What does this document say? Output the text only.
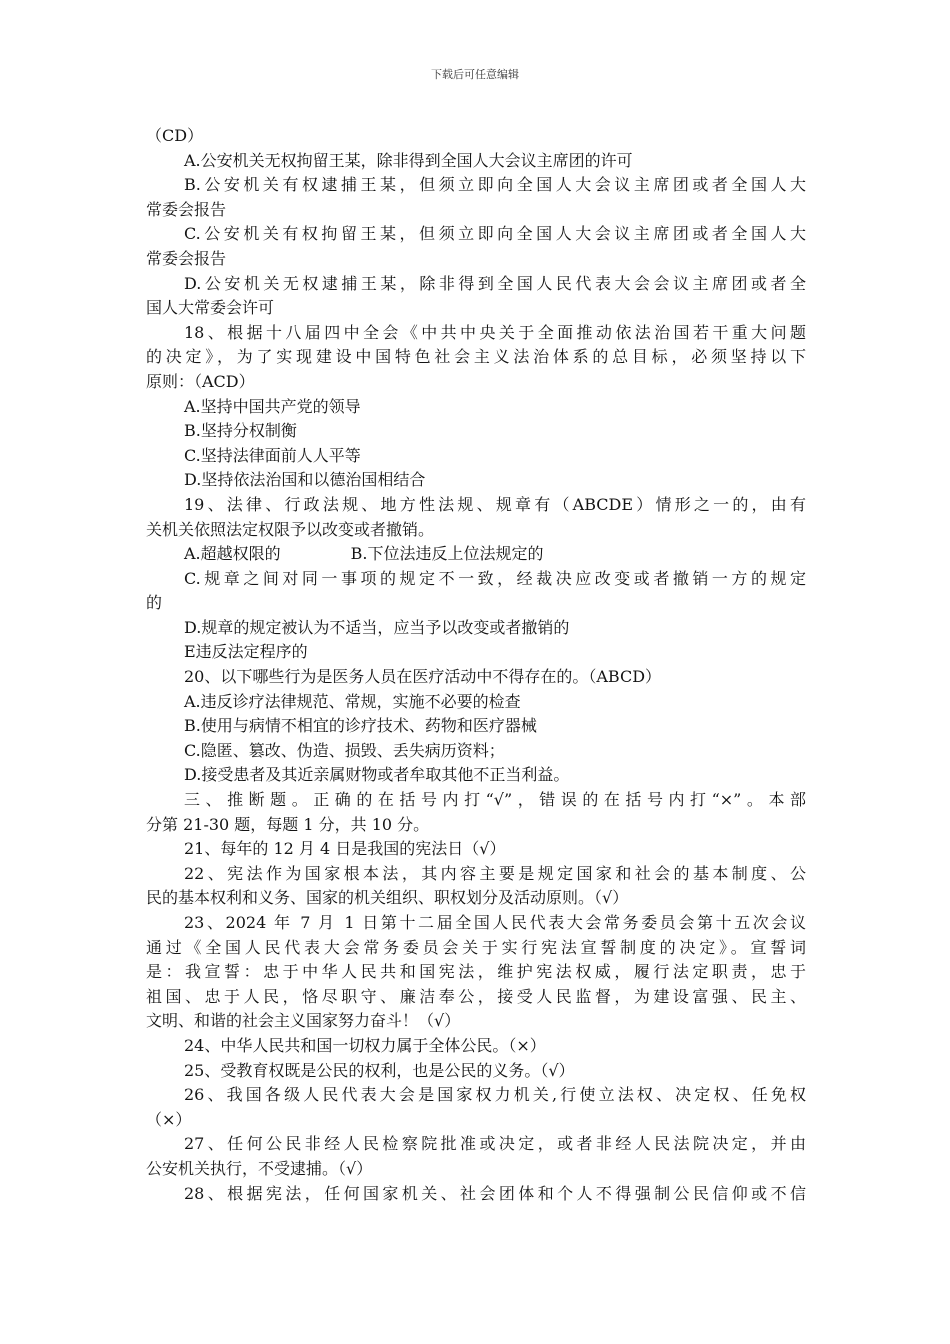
下载后可任意编辑
（CD）
A.公安机关无权拘留王某，除非得到全国人大会议主席团的许可
B.公安机关有权逮捕王某，但须立即向全国人大会议主席团或者全国人大
常委会报告
C.公安机关有权拘留王某，但须立即向全国人大会议主席团或者全国人大
常委会报告
D.公安机关无权逮捕王某，除非得到全国人民代表大会会议主席团或者全
国人大常委会许可
18、根据十八届四中全会《中共中央关于全面推动依法治国若干重大问题
的决定》，为了实现建设中国特色社会主义法治体系的总目标，必须坚持以下
原则：（ACD）
A.坚持中国共产党的领导
B.坚持分权制衡
C.坚持法律面前人人平等
D.坚持依法治国和以德治国相结合
19、法律、行政法规、地方性法规、规章有（ABCDE）情形之一的，由有
关机关依照法定权限予以改变或者撤销。
A.超越权限的	B.下位法违反上位法规定的
C.规章之间对同一事项的规定不一致，经裁决应改变或者撤销一方的规定
的
D.规章的规定被认为不适当，应当予以改变或者撤销的
E违反法定程序的
20、以下哪些行为是医务人员在医疗活动中不得存在的。（ABCD）
A.违反诊疗法律规范、常规，实施不必要的检查
B.使用与病情不相宜的诊疗技术、药物和医疗器械
C.隐匿、篡改、伪造、损毁、丢失病历资料；
D.接受患者及其近亲属财物或者牟取其他不正当利益。
三、推断题。正确的在括号内打“√”，错误的在括号内打“×”。本部
分第 21-30 题，每题 1 分，共 10 分。
21、每年的 12 月 4 日是我国的宪法日（√）
22、宪法作为国家根本法，其内容主要是规定国家和社会的基本制度、公
民的基本权利和义务、国家的机关组织、职权划分及活动原则。（√）
23、2024 年 7 月 1 日第十二届全国人民代表大会常务委员会第十五次会议
通过《全国人民代表大会常务委员会关于实行宪法宣誓制度的决定》。宣誓词
是：我宣誓：忠于中华人民共和国宪法，维护宪法权威，履行法定职责，忠于
祖国、忠于人民，恪尽职守、廉洁奉公，接受人民监督，为建设富强、民主、
文明、和谐的社会主义国家努力奋斗！（√）
24、中华人民共和国一切权力属于全体公民。（×）
25、受教育权既是公民的权利，也是公民的义务。（√）
26、我国各级人民代表大会是国家权力机关,行使立法权、决定权、任免权
（×）
27、任何公民非经人民检察院批准或决定，或者非经人民法院决定，并由
公安机关执行，不受逮捕。（√）
28、根据宪法，任何国家机关、社会团体和个人不得强制公民信仰或不信
